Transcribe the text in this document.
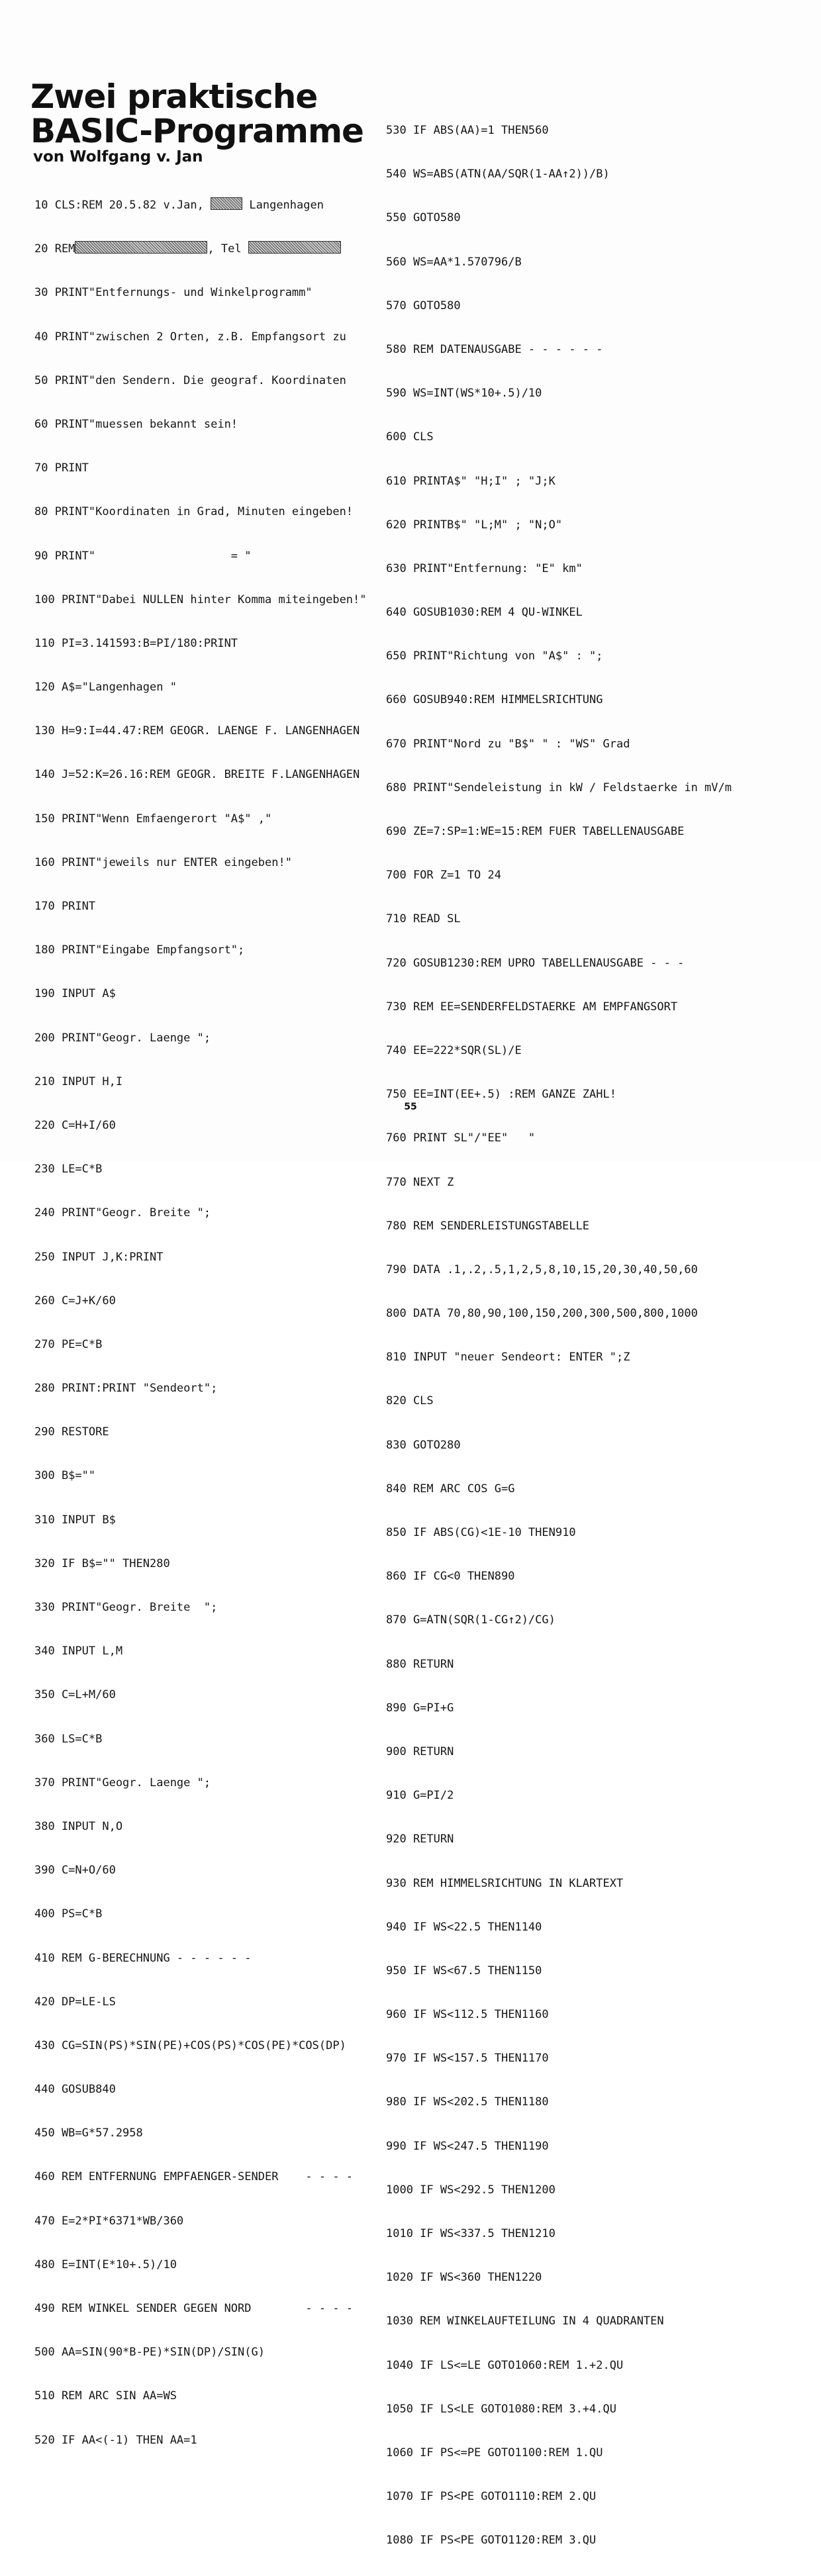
Zwei praktische
BASIC-Programme
von Wolfgang v. Jan

10 CLS:REM 20.5.82 v.Jan,	Langenhagen

20 REM	, Tel

30 PRINT"Entfernungs- und Winkelprogramm"

40 PRINT"zwischen 2 Orten, z.B. Empfangsort zu

50 PRINT"den Sendern. Die geograf. Koordinaten

60 PRINT"muessen bekannt sein!

70 PRINT

80 PRINT"Koordinaten in Grad, Minuten eingeben!

90 PRINT"                    = "

100 PRINT"Dabei NULLEN hinter Komma miteingeben!"

110 PI=3.141593:B=PI/180:PRINT

120 A$="Langenhagen "

130 H=9:I=44.47:REM GEOGR. LAENGE F. LANGENHAGEN

140 J=52:K=26.16:REM GEOGR. BREITE F.LANGENHAGEN

150 PRINT"Wenn Emfaengerort "A$" ,"

160 PRINT"jeweils nur ENTER eingeben!"

170 PRINT

180 PRINT"Eingabe Empfangsort";

190 INPUT A$

200 PRINT"Geogr. Laenge ";

210 INPUT H,I

220 C=H+I/60

230 LE=C*B

240 PRINT"Geogr. Breite ";

250 INPUT J,K:PRINT

260 C=J+K/60

270 PE=C*B

280 PRINT:PRINT "Sendeort";

290 RESTORE

300 B$=""

310 INPUT B$

320 IF B$="" THEN280

330 PRINT"Geogr. Breite  ";

340 INPUT L,M

350 C=L+M/60

360 LS=C*B

370 PRINT"Geogr. Laenge ";

380 INPUT N,O

390 C=N+O/60

400 PS=C*B

410 REM G-BERECHNUNG - - - - - -

420 DP=LE-LS

430 CG=SIN(PS)*SIN(PE)+COS(PS)*COS(PE)*COS(DP)

440 GOSUB840

450 WB=G*57.2958

460 REM ENTFERNUNG EMPFAENGER-SENDER    - - - -

470 E=2*PI*6371*WB/360

480 E=INT(E*10+.5)/10

490 REM WINKEL SENDER GEGEN NORD        - - - -

500 AA=SIN(90*B-PE)*SIN(DP)/SIN(G)

510 REM ARC SIN AA=WS

520 IF AA<(-1) THEN AA=1

530 IF ABS(AA)=1 THEN560

540 WS=ABS(ATN(AA/SQR(1-AA↑2))/B)

550 GOTO580

560 WS=AA*1.570796/B

570 GOTO580

580 REM DATENAUSGABE - - - - - -

590 WS=INT(WS*10+.5)/10

600 CLS

610 PRINTA$" "H;I" ; "J;K

620 PRINTB$" "L;M" ; "N;O"

630 PRINT"Entfernung: "E" km"

640 GOSUB1030:REM 4 QU-WINKEL

650 PRINT"Richtung von "A$" : ";

660 GOSUB940:REM HIMMELSRICHTUNG

670 PRINT"Nord zu "B$" " : "WS" Grad

680 PRINT"Sendeleistung in kW / Feldstaerke in mV/m

690 ZE=7:SP=1:WE=15:REM FUER TABELLENAUSGABE

700 FOR Z=1 TO 24

710 READ SL

720 GOSUB1230:REM UPRO TABELLENAUSGABE - - -

730 REM EE=SENDERFELDSTAERKE AM EMPFANGSORT

740 EE=222*SQR(SL)/E

750 EE=INT(EE+.5) :REM GANZE ZAHL!

760 PRINT SL"/"EE"   "

770 NEXT Z

780 REM SENDERLEISTUNGSTABELLE

790 DATA .1,.2,.5,1,2,5,8,10,15,20,30,40,50,60

800 DATA 70,80,90,100,150,200,300,500,800,1000

810 INPUT "neuer Sendeort: ENTER ";Z

820 CLS

830 GOTO280

840 REM ARC COS G=G

850 IF ABS(CG)<1E-10 THEN910

860 IF CG<0 THEN890

870 G=ATN(SQR(1-CG↑2)/CG)

880 RETURN

890 G=PI+G

900 RETURN

910 G=PI/2

920 RETURN

930 REM HIMMELSRICHTUNG IN KLARTEXT

940 IF WS<22.5 THEN1140

950 IF WS<67.5 THEN1150

960 IF WS<112.5 THEN1160

970 IF WS<157.5 THEN1170

980 IF WS<202.5 THEN1180

990 IF WS<247.5 THEN1190

1000 IF WS<292.5 THEN1200

1010 IF WS<337.5 THEN1210

1020 IF WS<360 THEN1220

1030 REM WINKELAUFTEILUNG IN 4 QUADRANTEN

1040 IF LS<=LE GOTO1060:REM 1.+2.QU

1050 IF LS<LE GOTO1080:REM 3.+4.QU

1060 IF PS<=PE GOTO1100:REM 1.QU

1070 IF PS<PE GOTO1110:REM 2.QU

1080 IF PS<PE GOTO1120:REM 3.QU

55
